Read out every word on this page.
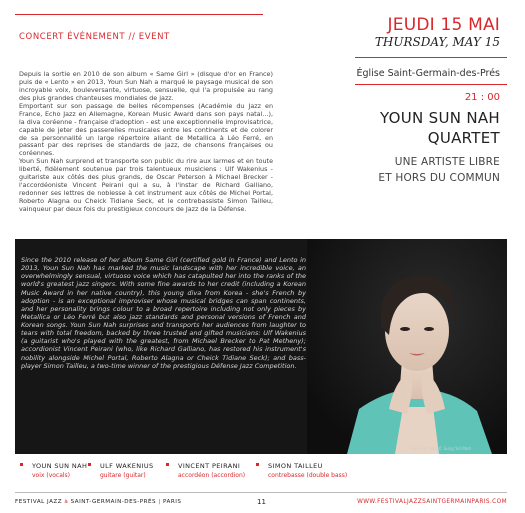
CONCERT ÉVÉNEMENT // EVENT
JEUDI 15 MAI
THURSDAY, MAY 15
Église Saint-Germain-des-Prés
21 : 00
YOUN SUN NAH
QUARTET
UNE ARTISTE LIBRE
ET HORS DU COMMUN

Depuis la sortie en 2010 de son album « Same Girl » (disque d'or en France) puis de « Lento » en 2013, Youn Sun Nah a marqué le paysage musical de son incroyable voix, bouleversante, virtuose, sensuelle, qui l'a propulsée au rang des plus grandes chanteuses mondiales de jazz.

Emportant sur son passage de belles récompenses (Académie du Jazz en France, Echo Jazz en Allemagne, Korean Music Award dans son pays natal...), la diva coréenne - française d'adoption - est une exceptionnelle improvisatrice, capable de jeter des passerelles musicales entre les continents et de colorer de sa personnalité un large répertoire allant de Metallica à Léo Ferré, en passant par des reprises de standards de jazz, de chansons françaises ou coréennes.

Youn Sun Nah surprend et transporte son public du rire aux larmes et en toute liberté, fidèlement soutenue par trois talentueux musiciens : Ulf Wakenius - guitariste aux côtés des plus grands, de Oscar Peterson à Michael Brecker - l'accordéoniste Vincent Peirani qui a su, à l'instar de Richard Galliano, redonner ses lettres de noblesse à cet instrument aux côtés de Michel Portal, Roberto Alagna ou Cheick Tidiane Seck, et le contrebassiste Simon Tailleu, vainqueur par deux fois du prestigieux concours de Jazz de la Défense.

Since the 2010 release of her album Same Girl (certified gold in France) and Lento in 2013, Youn Sun Nah has marked the music landscape with her incredible voice, an overwhelmingly sensual, virtuoso voice which has catapulted her into the ranks of the world's greatest jazz singers. With some fine awards to her credit (including a Korean Music Award in her native country), this young diva from Korea - she's French by adoption - is an exceptional improviser whose musical bridges can span continents, and her personality brings colour to a broad repertoire including not only pieces by Metallica or Léo Ferré but also jazz standards and personal versions of French and Korean songs. Youn Sun Nah surprises and transports her audiences from laughter to tears with total freedom, backed by three trusted and gifted musicians: Ulf Wakenius (a guitarist who's played with the greatest, from Michael Brecker to Pat Metheny); accordionist Vincent Peirani (who, like Richard Galliano, has restored his instrument's nobility alongside Michel Portal, Roberto Alagna or Cheick Tidiane Seck); and bass-player Simon Tailleu, a two-time winner of the prestigious Défense Jazz Competition.
Youn Sun Nah © Sung Yull Nah
YOUN SUN NAH
voix (vocals)
ULF WAKENIUS
guitare (guitar)
VINCENT PEIRANI
accordéon (accordion)
SIMON TAILLEU
contrebasse (double bass)
FESTIVAL JAZZ à SAINT-GERMAIN-DES-PRÉS | PARIS	11	WWW.FESTIVALJAZZSAINTGERMAINPARIS.COM
